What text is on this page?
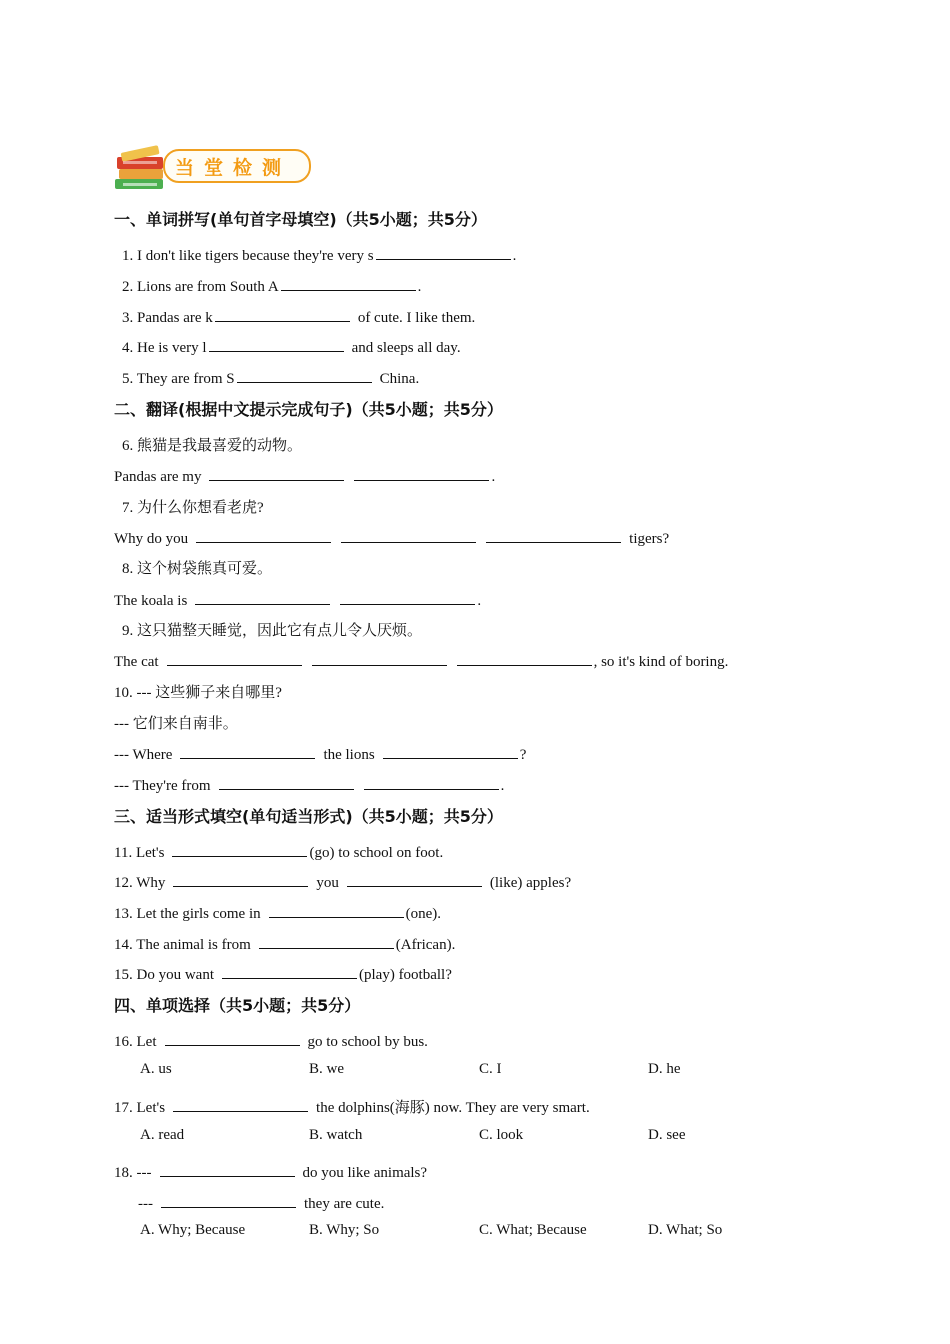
当堂检测
一、单词拼写(单句首字母填空)（共5小题；共5分）
1. I don't like tigers because they're very s	.
2. Lions are from South A	.
3. Pandas are k	of cute. I like them.
4. He is very l	and sleeps all day.
5. They are from S	China.
二、翻译(根据中文提示完成句子)（共5小题；共5分）
6. 熊猫是我最喜爱的动物。
Pandas are my	.
7. 为什么你想看老虎?
Why do you	tigers?
8. 这个树袋熊真可爱。
The koala is	.
9. 这只猫整天睡觉，因此它有点儿令人厌烦。
The cat	, so it's kind of boring.
10. --- 这些狮子来自哪里?
--- 它们来自南非。
--- Where	the lions	?
--- They're from	.
三、适当形式填空(单句适当形式)（共5小题；共5分）
11. Let's	(go) to school on foot.
12. Why	you	(like) apples?
13. Let the girls come in	(one).
14. The animal is from	(African).
15. Do you want	(play) football?
四、单项选择（共5小题；共5分）
16. Let	go to school by bus.
A. us	B. we	C. I	D. he
17. Let's	the dolphins(海豚) now. They are very smart.
A. read	B. watch	C. look	D. see
18. ---	do you like animals?
---	they are cute.
A. Why; Because	B. Why; So	C. What; Because	D. What; So
